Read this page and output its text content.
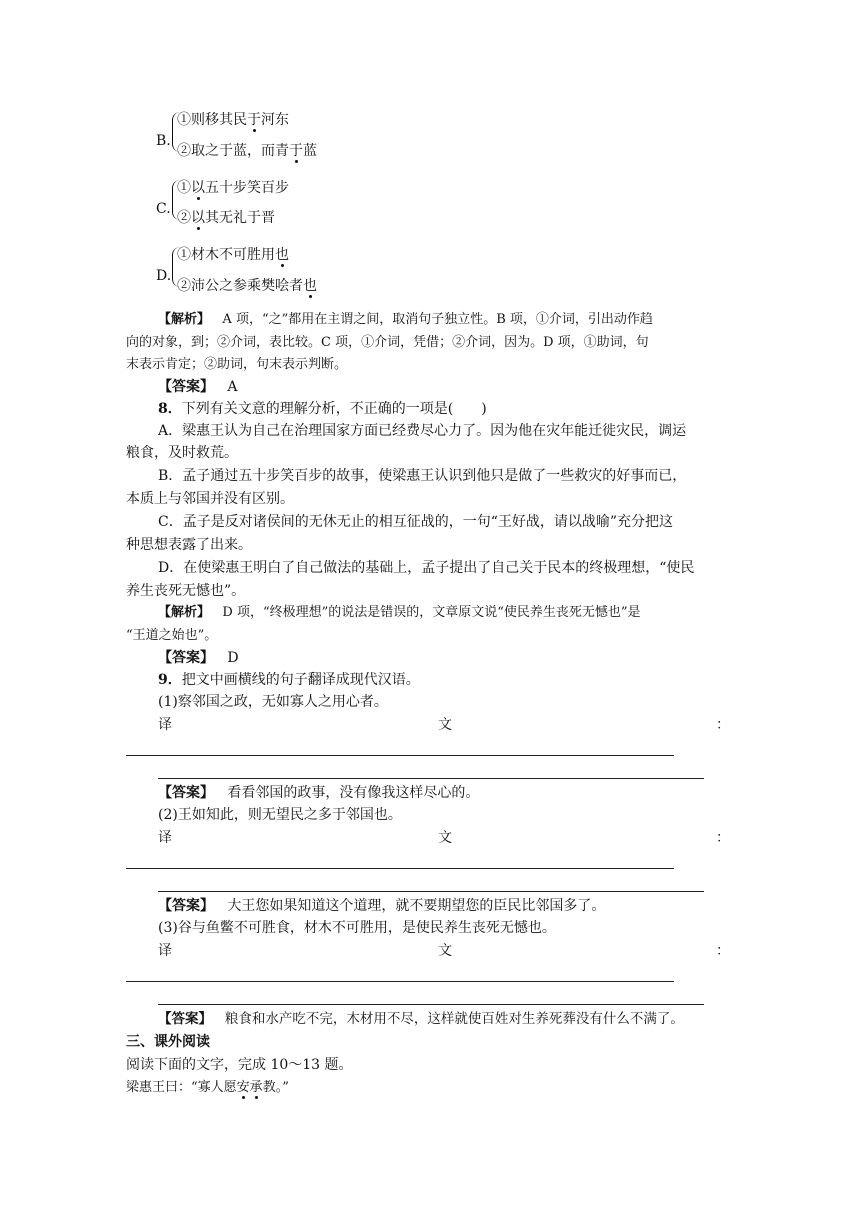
B.
①则移其民于河东
②取之于蓝，而青于蓝
C.
①以五十步笑百步
②以其无礼于晋
D.
①材木不可胜用也
②沛公之参乘樊哙者也
【解析】 A 项，“之”都用在主谓之间，取消句子独立性。B 项，①介词，引出动作趋
向的对象，到；②介词，表比较。C 项，①介词，凭借；②介词，因为。D 项，①助词，句
末表示肯定；②助词，句末表示判断。
【答案】 A
8．下列有关文意的理解分析，不正确的一项是(　　)
A．梁惠王认为自己在治理国家方面已经费尽心力了。因为他在灾年能迁徙灾民，调运
粮食，及时救荒。
B．孟子通过五十步笑百步的故事，使梁惠王认识到他只是做了一些救灾的好事而已，
本质上与邻国并没有区别。
C．孟子是反对诸侯间的无休无止的相互征战的，一句“王好战，请以战喻”充分把这
种思想表露了出来。
D．在使梁惠王明白了自己做法的基础上，孟子提出了自己关于民本的终极理想，“使民
养生丧死无憾也”。
【解析】 D 项，“终极理想”的说法是错误的，文章原文说“使民养生丧死无憾也”是
“王道之始也”。
【答案】 D
9．把文中画横线的句子翻译成现代汉语。
(1)察邻国之政，无如寡人之用心者。
译	文	：
【答案】 看看邻国的政事，没有像我这样尽心的。
(2)王如知此，则无望民之多于邻国也。
译	文	：
【答案】 大王您如果知道这个道理，就不要期望您的臣民比邻国多了。
(3)谷与鱼鳖不可胜食，材木不可胜用，是使民养生丧死无憾也。
译	文	：
【答案】 粮食和水产吃不完，木材用不尽，这样就使百姓对生养死葬没有什么不满了。
三、课外阅读
阅读下面的文字，完成 10～13 题。
梁惠王曰：“寡人愿安承教。”
